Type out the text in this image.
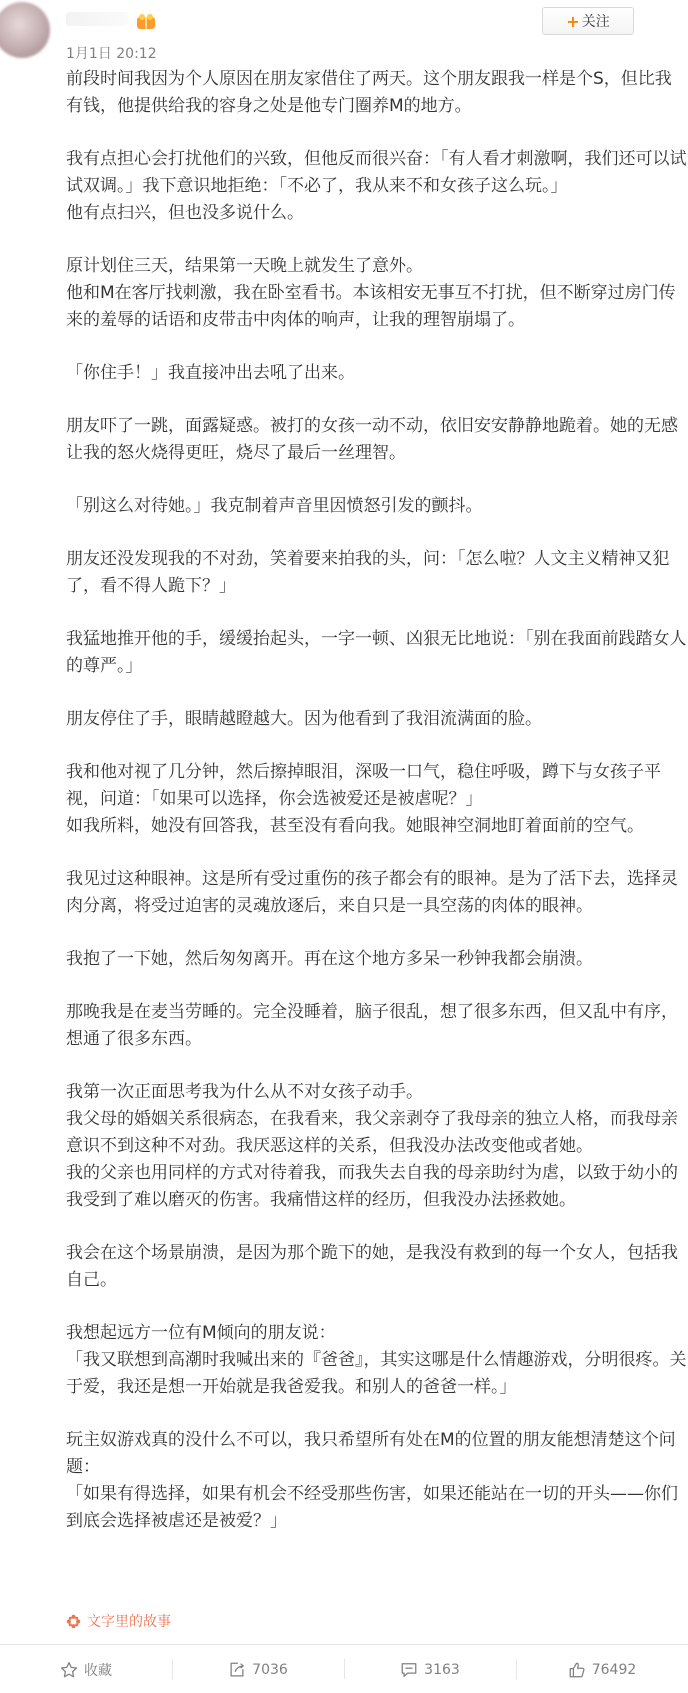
+ 关注
1月1日 20:12

前段时间我因为个人原因在朋友家借住了两天。这个朋友跟我一样是个S，但比我有钱，他提供给我的容身之处是他专门圈养M的地方。

我有点担心会打扰他们的兴致，但他反而很兴奋：「有人看才刺激啊，我们还可以试试双调。」我下意识地拒绝：「不必了，我从来不和女孩子这么玩。」
他有点扫兴，但也没多说什么。

原计划住三天，结果第一天晚上就发生了意外。
他和M在客厅找刺激，我在卧室看书。本该相安无事互不打扰，但不断穿过房门传来的羞辱的话语和皮带击中肉体的响声，让我的理智崩塌了。

「你住手！」我直接冲出去吼了出来。

朋友吓了一跳，面露疑惑。被打的女孩一动不动，依旧安安静静地跪着。她的无感让我的怒火烧得更旺，烧尽了最后一丝理智。

「别这么对待她。」我克制着声音里因愤怒引发的颤抖。

朋友还没发现我的不对劲，笑着要来拍我的头，问：「怎么啦？人文主义精神又犯了，看不得人跪下？」

我猛地推开他的手，缓缓抬起头，一字一顿、凶狠无比地说：「别在我面前践踏女人的尊严。」

朋友停住了手，眼睛越瞪越大。因为他看到了我泪流满面的脸。

我和他对视了几分钟，然后擦掉眼泪，深吸一口气，稳住呼吸，蹲下与女孩子平视，问道：「如果可以选择，你会选被爱还是被虐呢？」
如我所料，她没有回答我，甚至没有看向我。她眼神空洞地盯着面前的空气。

我见过这种眼神。这是所有受过重伤的孩子都会有的眼神。是为了活下去，选择灵肉分离，将受过迫害的灵魂放逐后，来自只是一具空荡的肉体的眼神。

我抱了一下她，然后匆匆离开。再在这个地方多呆一秒钟我都会崩溃。

那晚我是在麦当劳睡的。完全没睡着，脑子很乱，想了很多东西，但又乱中有序，想通了很多东西。

我第一次正面思考我为什么从不对女孩子动手。
我父母的婚姻关系很病态，在我看来，我父亲剥夺了我母亲的独立人格，而我母亲意识不到这种不对劲。我厌恶这样的关系，但我没办法改变他或者她。
我的父亲也用同样的方式对待着我，而我失去自我的母亲助纣为虐，以致于幼小的我受到了难以磨灭的伤害。我痛惜这样的经历，但我没办法拯救她。

我会在这个场景崩溃，是因为那个跪下的她，是我没有救到的每一个女人，包括我自己。

我想起远方一位有M倾向的朋友说：
「我又联想到高潮时我喊出来的『爸爸』，其实这哪是什么情趣游戏，分明很疼。关于爱，我还是想一开始就是我爸爱我。和别人的爸爸一样。」

玩主奴游戏真的没什么不可以，我只希望所有处在M的位置的朋友能想清楚这个问题：
「如果有得选择，如果有机会不经受那些伤害，如果还能站在一切的开头——你们到底会选择被虐还是被爱？」

文字里的故事
收藏	7036	3163	76492
